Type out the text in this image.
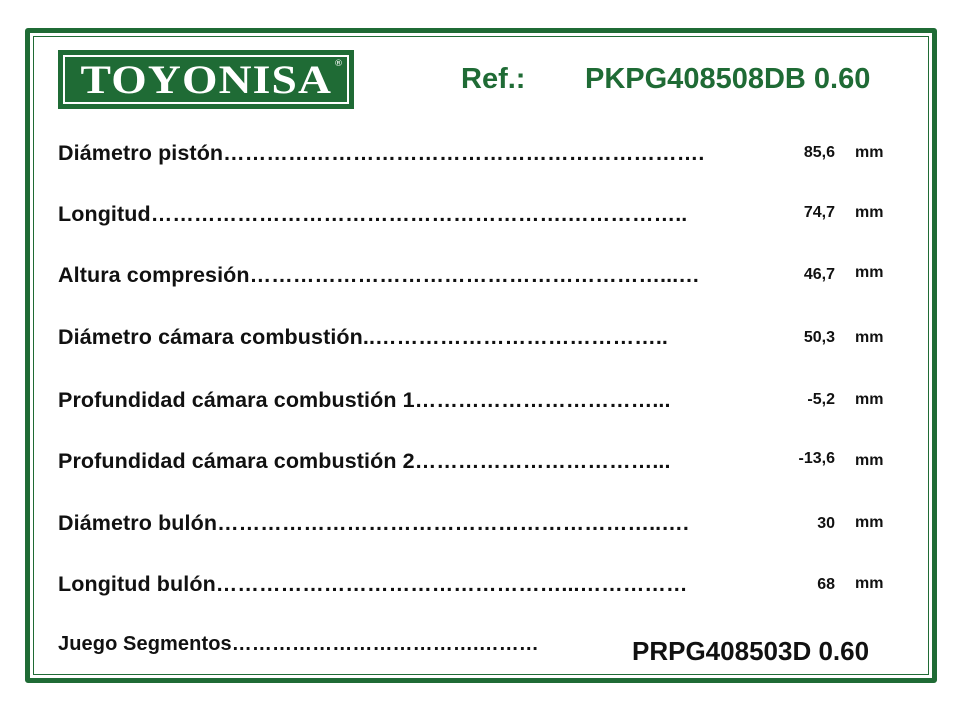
TOYONISA ®	Ref.: PKPG408508DB 0.60
Diámetro pistón………………………………………………………….	85,6 mm
Longitud………………………………………………….……………..	74,7 mm
Altura compresión…………………………………………………...…	46,7 mm
Diámetro cámara combustión..…………………………………..	50,3 mm
Profundidad cámara combustión 1……………………………...	-5,2 mm
Profundidad cámara combustión 2……………………………...	-13,6 mm
Diámetro bulón……………………………………………………..….	30 mm
Longitud bulón…………………………………………...……………	68 mm
Juego Segmentos……………………………….………	PRPG408503D 0.60
